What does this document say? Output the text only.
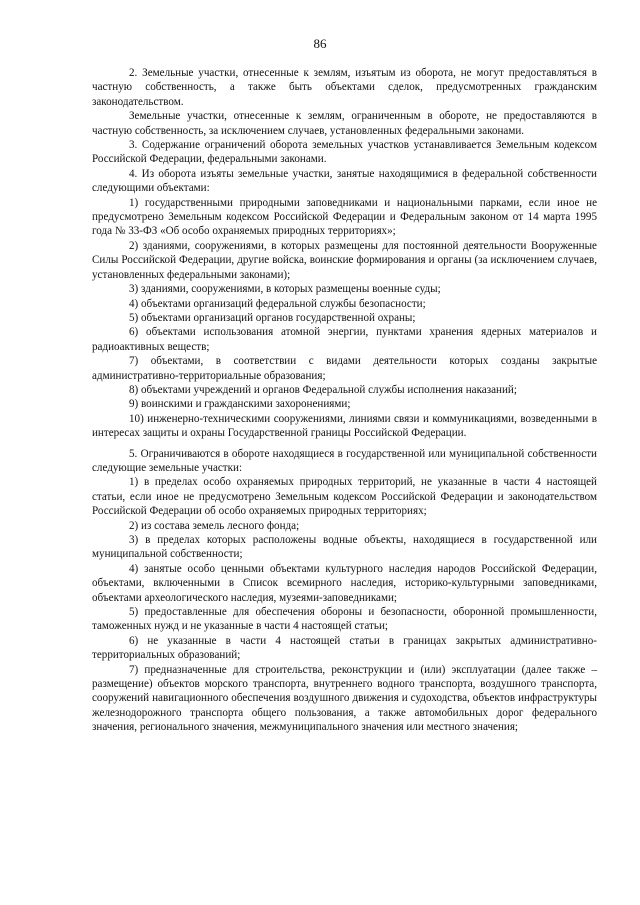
86

2. Земельные участки, отнесенные к землям, изъятым из оборота, не могут предоставляться в частную собственность, а также быть объектами сделок, предусмотренных гражданским законодательством.

Земельные участки, отнесенные к землям, ограниченным в обороте, не предоставляются в частную собственность, за исключением случаев, установленных федеральными законами.

3. Содержание ограничений оборота земельных участков устанавливается Земельным кодексом Российской Федерации, федеральными законами.

4. Из оборота изъяты земельные участки, занятые находящимися в федеральной собственности следующими объектами:

1) государственными природными заповедниками и национальными парками, если иное не предусмотрено Земельным кодексом Российской Федерации и Федеральным законом от 14 марта 1995 года № 33-ФЗ «Об особо охраняемых природных территориях»;

2) зданиями, сооружениями, в которых размещены для постоянной деятельности Вооруженные Силы Российской Федерации, другие войска, воинские формирования и органы (за исключением случаев, установленных федеральными законами);

3) зданиями, сооружениями, в которых размещены военные суды;

4) объектами организаций федеральной службы безопасности;

5) объектами организаций органов государственной охраны;

6) объектами использования атомной энергии, пунктами хранения ядерных материалов и радиоактивных веществ;

7) объектами, в соответствии с видами деятельности которых созданы закрытые административно-территориальные образования;

8) объектами учреждений и органов Федеральной службы исполнения наказаний;

9) воинскими и гражданскими захоронениями;

10) инженерно-техническими сооружениями, линиями связи и коммуникациями, возведенными в интересах защиты и охраны Государственной границы Российской Федерации.

5. Ограничиваются в обороте находящиеся в государственной или муниципальной собственности следующие земельные участки:

1) в пределах особо охраняемых природных территорий, не указанные в части 4 настоящей статьи, если иное не предусмотрено Земельным кодексом Российской Федерации и законодательством Российской Федерации об особо охраняемых природных территориях;

2) из состава земель лесного фонда;

3) в пределах которых расположены водные объекты, находящиеся в государственной или муниципальной собственности;

4) занятые особо ценными объектами культурного наследия народов Российской Федерации, объектами, включенными в Список всемирного наследия, историко-культурными заповедниками, объектами археологического наследия, музеями-заповедниками;

5) предоставленные для обеспечения обороны и безопасности, оборонной промышленности, таможенных нужд и не указанные в части 4 настоящей статьи;

6) не указанные в части 4 настоящей статьи в границах закрытых административно-территориальных образований;

7) предназначенные для строительства, реконструкции и (или) эксплуатации (далее также – размещение) объектов морского транспорта, внутреннего водного транспорта, воздушного транспорта, сооружений навигационного обеспечения воздушного движения и судоходства, объектов инфраструктуры железнодорожного транспорта общего пользования, а также автомобильных дорог федерального значения, регионального значения, межмуниципального значения или местного значения;
